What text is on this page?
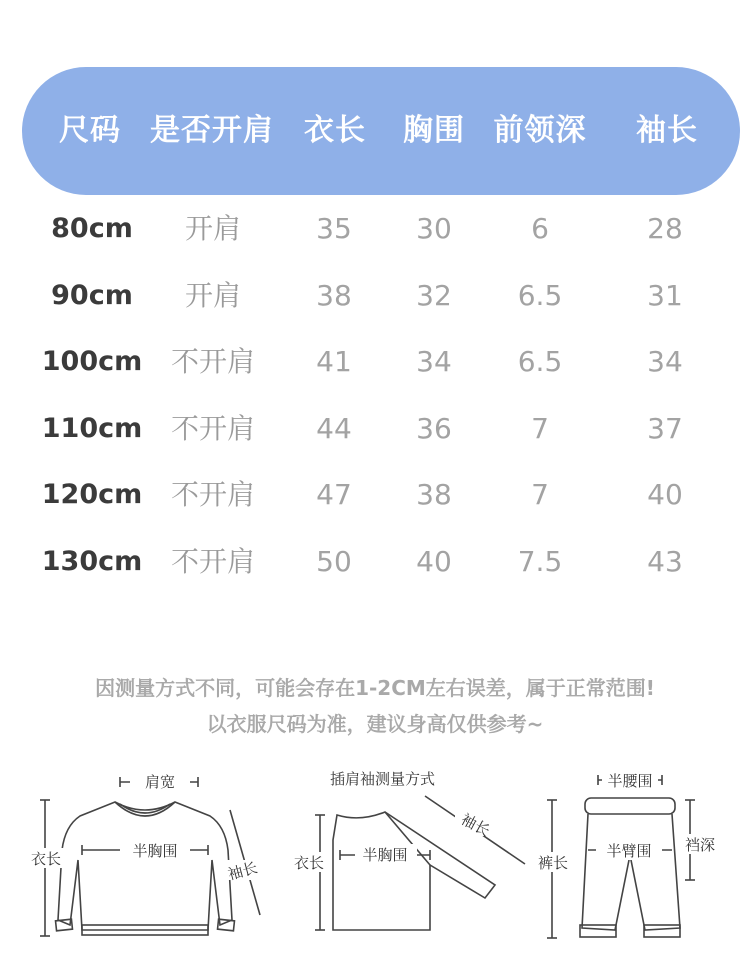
尺码 是否开肩 衣长 胸围 前领深 袖长
80cm 开肩	35 30	6	28
90cm 开肩	38 32 6.5	31
100cm 不开肩 41 34 6.5	34
110cm 不开肩 44 36	7	37
120cm 不开肩 47 38	7	40
130cm 不开肩 50 40 7.5	43
因测量方式不同，可能会存在1-2CM左右误差，属于正常范围!
以衣服尺码为准，建议身高仅供参考~
肩宽
衣长	半胸围
袖长
插肩袖测量方式
袖长
衣长	半胸围
半腰围
裆深
裤长
半臂围
